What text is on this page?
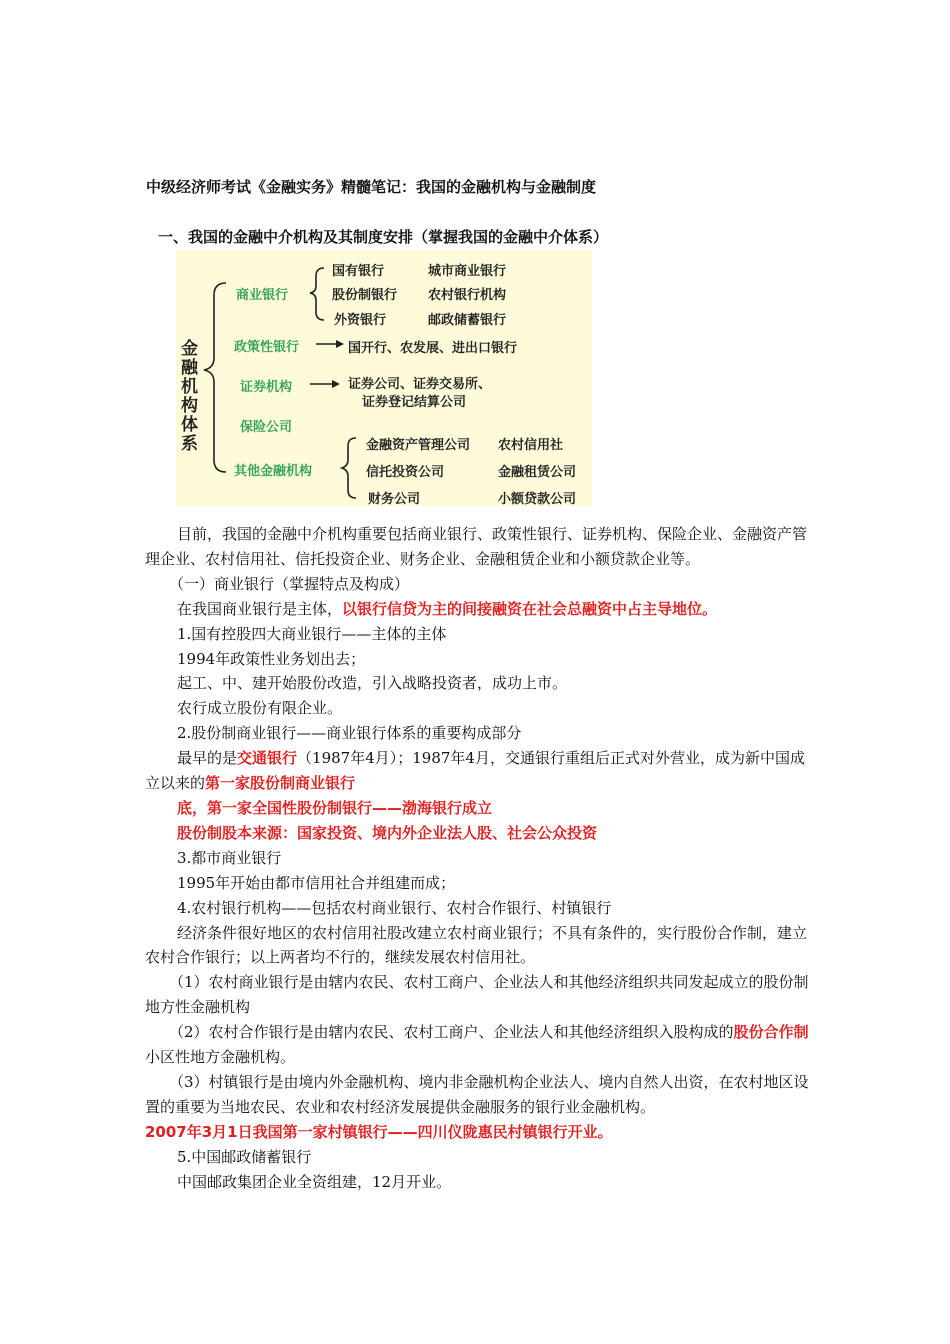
中级经济师考试《金融实务》精髓笔记：我国的金融机构与金融制度
一、我国的金融中介机构及其制度安排（掌握我国的金融中介体系）
金融机构体系
商业银行
国有银行	城市商业银行
股份制银行 农村银行机构
外资银行	邮政储蓄银行
政策性银行	国开行、农发展、进出口银行
证券机构	证券公司、证券交易所、
证券登记结算公司
保险公司
其他金融机构
金融资产管理公司 农村信用社
信托投资公司	金融租赁公司
财务公司	小额贷款公司

目前，我国的金融中介机构重要包括商业银行、政策性银行、证券机构、保险企业、金融资产管理企业、农村信用社、信托投资企业、财务企业、金融租赁企业和小额贷款企业等。

（一）商业银行（掌握特点及构成）

在我国商业银行是主体，以银行信贷为主的间接融资在社会总融资中占主导地位。

1.国有控股四大商业银行——主体的主体

1994年政策性业务划出去；

起工、中、建开始股份改造，引入战略投资者，成功上市。

农行成立股份有限企业。

2.股份制商业银行——商业银行体系的重要构成部分

最早的是交通银行（1987年4月）；1987年4月，交通银行重组后正式对外营业，成为新中国成立以来的第一家股份制商业银行

底，第一家全国性股份制银行——渤海银行成立

股份制股本来源：国家投资、境内外企业法人股、社会公众投资

3.都市商业银行

1995年开始由都市信用社合并组建而成；

4.农村银行机构——包括农村商业银行、农村合作银行、村镇银行

经济条件很好地区的农村信用社股改建立农村商业银行；不具有条件的，实行股份合作制，建立农村合作银行；以上两者均不行的，继续发展农村信用社。

（1）农村商业银行是由辖内农民、农村工商户、企业法人和其他经济组织共同发起成立的股份制地方性金融机构

（2）农村合作银行是由辖内农民、农村工商户、企业法人和其他经济组织入股构成的股份合作制小区性地方金融机构。

（3）村镇银行是由境内外金融机构、境内非金融机构企业法人、境内自然人出资，在农村地区设置的重要为当地农民、农业和农村经济发展提供金融服务的银行业金融机构。

2007年3月1日我国第一家村镇银行——四川仪陇惠民村镇银行开业。

5.中国邮政储蓄银行

中国邮政集团企业全资组建，12月开业。
